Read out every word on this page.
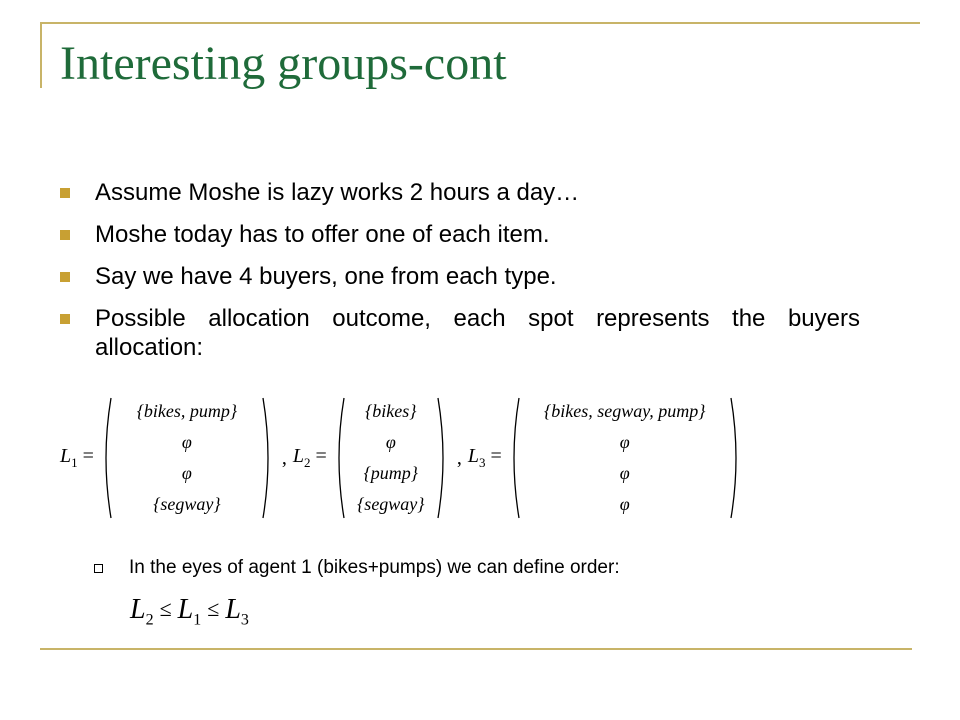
Interesting groups-cont
Assume Moshe is lazy works 2 hours a day…
Moshe today has to offer one of each item.
Say we have 4 buyers, one from each type.
Possible allocation outcome, each spot represents the buyers allocation:
$L_1$ =
{bikes, pump}
φ
φ
{segway}
, $L_2$ =
{bikes}
φ
{pump}
{segway}
, $L_3$ =
{bikes, segway, pump}
φ
φ
φ
In the eyes of agent 1 (bikes+pumps) we can define order:
$L_2 \le L_1 \le L_3$
